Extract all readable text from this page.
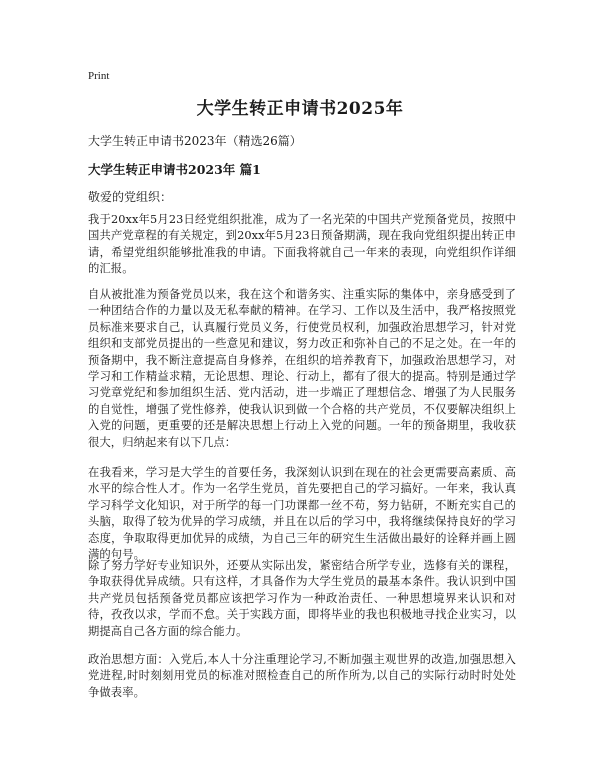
Print
大学生转正申请书2025年
大学生转正申请书2023年（精选26篇）
大学生转正申请书2023年 篇1
敬爱的党组织：

我于20xx年5月23日经党组织批准，成为了一名光荣的中国共产党预备党员，按照中国共产党章程的有关规定，到20xx年5月23日预备期满，现在我向党组织提出转正申请，希望党组织能够批准我的申请。下面我将就自己一年来的表现，向党组织作详细的汇报。

自从被批准为预备党员以来，我在这个和谐务实、注重实际的集体中，亲身感受到了一种团结合作的力量以及无私奉献的精神。在学习、工作以及生活中，我严格按照党员标准来要求自己，认真履行党员义务，行使党员权利，加强政治思想学习，针对党组织和支部党员提出的一些意见和建议，努力改正和弥补自己的不足之处。在一年的预备期中，我不断注意提高自身修养，在组织的培养教育下，加强政治思想学习，对学习和工作精益求精，无论思想、理论、行动上，都有了很大的提高。特别是通过学习党章党纪和参加组织生活、党内活动，进一步端正了理想信念、增强了为人民服务的自觉性，增强了党性修养，使我认识到做一个合格的共产党员，不仅要解决组织上入党的问题，更重要的还是解决思想上行动上入党的问题。一年的预备期里，我收获很大，归纳起来有以下几点：

在我看来，学习是大学生的首要任务，我深刻认识到在现在的社会更需要高素质、高水平的综合性人才。作为一名学生党员，首先要把自己的学习搞好。一年来，我认真学习科学文化知识，对于所学的每一门功课都一丝不苟，努力钻研，不断充实自己的头脑，取得了较为优异的学习成绩，并且在以后的学习中，我将继续保持良好的学习态度，争取取得更加优异的成绩，为自己三年的研究生生活做出最好的诠释并画上圆满的句号。

除了努力学好专业知识外，还要从实际出发，紧密结合所学专业，选修有关的课程，争取获得优异成绩。只有这样，才具备作为大学生党员的最基本条件。我认识到中国共产党员包括预备党员都应该把学习作为一种政治责任、一种思想境界来认识和对待，孜孜以求，学而不怠。关于实践方面，即将毕业的我也积极地寻找企业实习，以期提高自己各方面的综合能力。

政治思想方面：入党后,本人十分注重理论学习,不断加强主观世界的改造,加强思想入党进程,时时刻刻用党员的标准对照检查自己的所作所为,以自己的实际行动时时处处争做表率。
